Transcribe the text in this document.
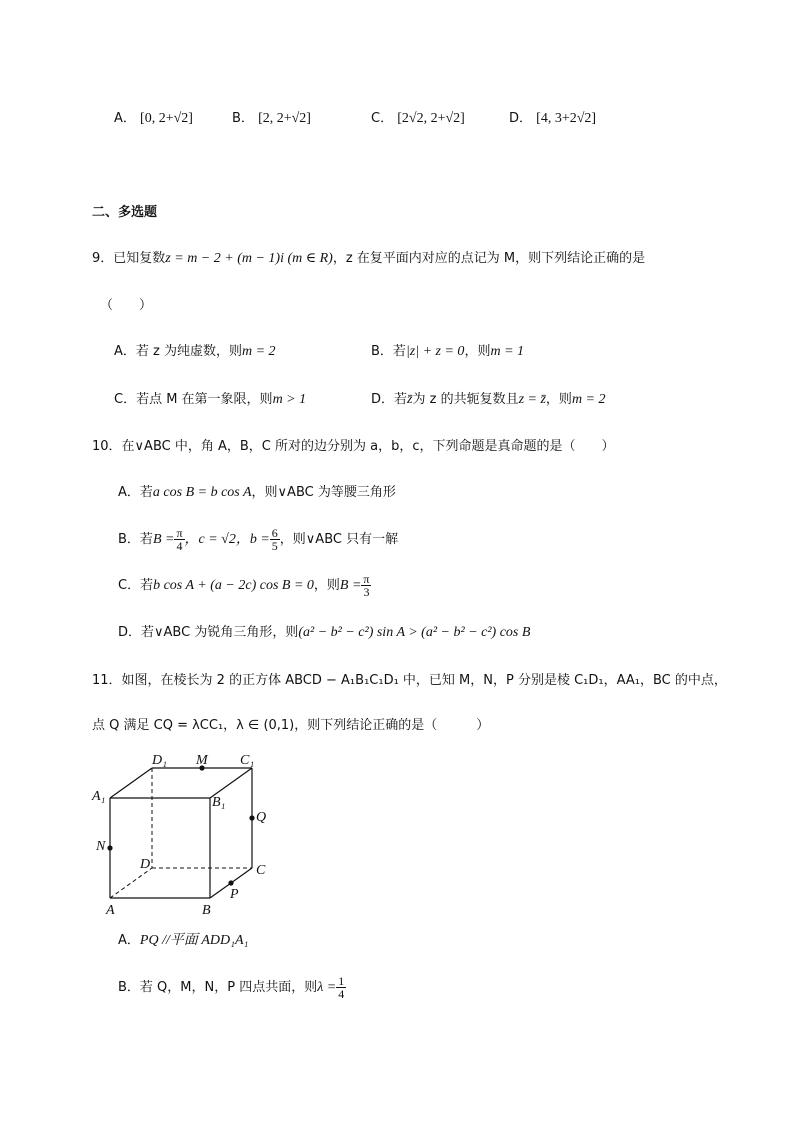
A． [0, 2+√2]	B． [2, 2+√2]	C． [2√2, 2+√2]	D． [4, 3+2√2]
二、多选题
9．已知复数z = m − 2 + (m − 1)i (m ∈ R)，z 在复平面内对应的点记为 M，则下列结论正确的是
（　　）
A．若 z 为纯虚数，则m = 2	B．若|z| + z = 0，则m = 1
C．若点 M 在第一象限，则m > 1	D．若z̄为 z 的共轭复数且z = z̄，则m = 2
10．在∨ABC 中，角 A，B，C 所对的边分别为 a，b，c，下列命题是真命题的是（　　）
A．若a cos B = b cos A，则∨ABC 为等腰三角形
B．若$B = \frac{\pi}{4}$ ，c = √2，$b = \frac{6}{5}$ ，则∨ABC 只有一解
C．若b cos A + (a − 2c) cos B = 0，则$B = \frac{\pi}{3}$
D．若∨ABC 为锐角三角形，则(a² − b² − c²) sin A > (a² − b² − c²) cos B
11．如图，在棱长为 2 的正方体 ABCD − A₁B₁C₁D₁ 中，已知 M，N，P 分别是棱 C₁D₁，AA₁，BC 的中点，
点 Q 满足 CQ = λCC₁，λ ∈ (0,1)，则下列结论正确的是（　　　）
D₁ M C₁
A₁	B₁
Q
N
D	C
P
A	B
A．PQ //平面 ADD₁A₁
B．若 Q，M，N，P 四点共面，则$\lambda = \frac{1}{4}$
